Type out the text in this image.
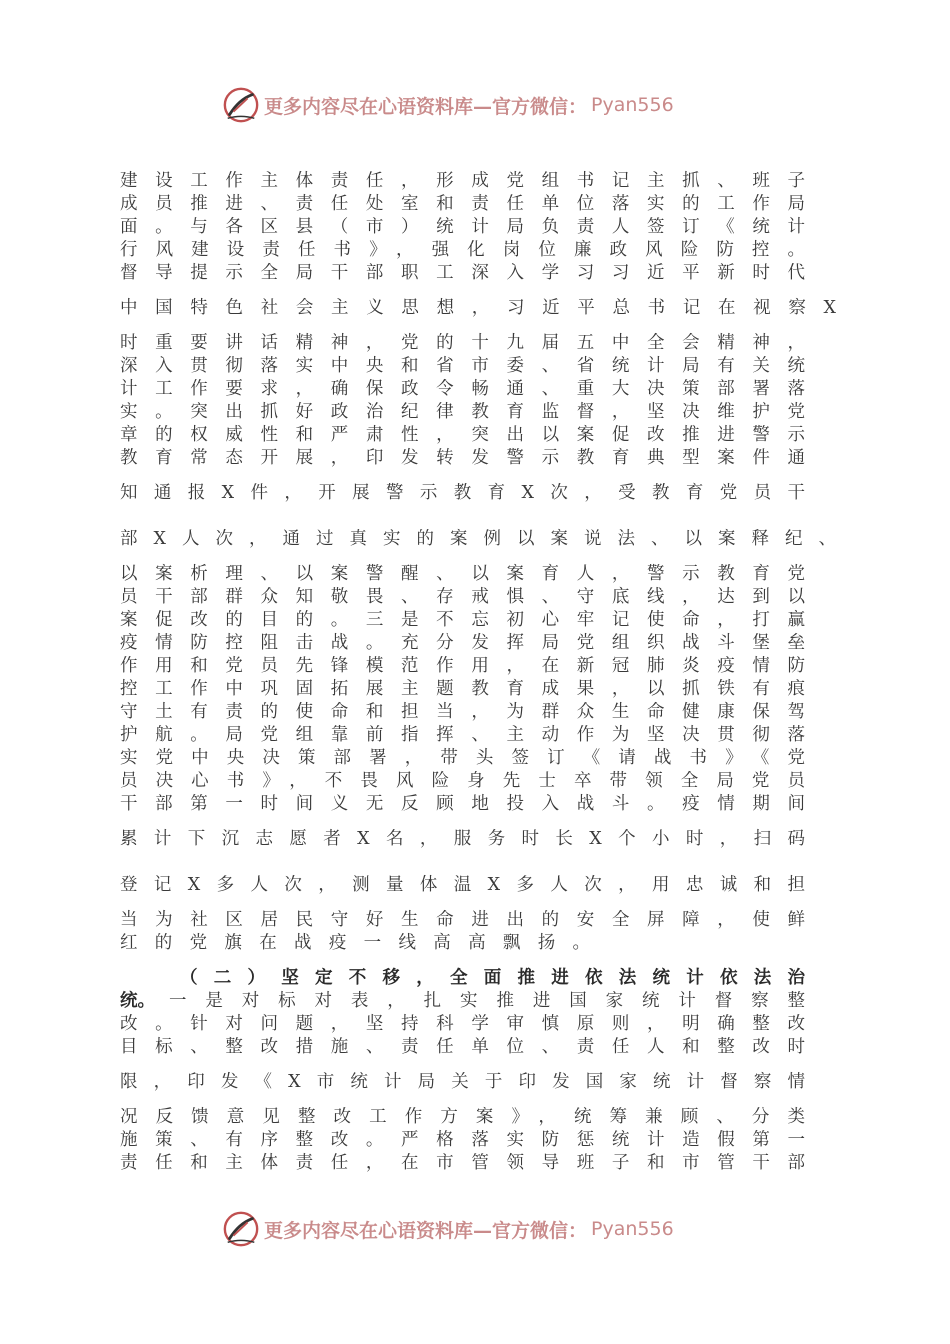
更多内容尽在心语资料库—官方微信： Pyan556
建设工作主体责任，形成党组书记主抓、班子
成员推进、责任处室和责任单位落实的工作局
面。与各区县（市）统计局负责人签订《统计
行风建设责任书》，强化岗位廉政风险防控。
督导提示全局干部职工深入学习习近平新时代
中国特色社会主义思想，习近平总书记在视察X
时重要讲话精神，党的十九届五中全会精神，
深入贯彻落实中央和省市委、省统计局有关统
计工作要求，确保政令畅通、重大决策部署落
实。突出抓好政治纪律教育监督，坚决维护党
章的权威性和严肃性，突出以案促改推进警示
教育常态开展，印发转发警示教育典型案件通
知通报X件，开展警示教育X次，受教育党员干
部X人次，通过真实的案例以案说法、以案释纪、
以案析理、以案警醒、以案育人，警示教育党
员干部群众知敬畏、存戒惧、守底线，达到以
案促改的目的。三是不忘初心牢记使命，打赢
疫情防控阻击战。充分发挥局党组织战斗堡垒
作用和党员先锋模范作用，在新冠肺炎疫情防
控工作中巩固拓展主题教育成果，以抓铁有痕
守土有责的使命和担当，为群众生命健康保驾
护航。局党组靠前指挥、主动作为坚决贯彻落
实党中央决策部署，带头签订《请战书》《党
员决心书》，不畏风险身先士卒带领全局党员
干部第一时间义无反顾地投入战斗。疫情期间
累计下沉志愿者X名，服务时长X个小时，扫码
登记X多人次，测量体温X多人次，用忠诚和担
当为社区居民守好生命进出的安全屏障，使鲜
红的党旗在战疫一线高高飘扬。
（二）坚定不移，全面推进依法统计依法治
统。 一是对标对表，扎实推进国家统计督察整
改。针对问题，坚持科学审慎原则，明确整改
目标、整改措施、责任单位、责任人和整改时
限，印发《X市统计局关于印发国家统计督察情
况反馈意见整改工作方案》，统筹兼顾、分类
施策、有序整改。严格落实防惩统计造假第一
责任和主体责任，在市管领导班子和市管干部
更多内容尽在心语资料库—官方微信： Pyan556
